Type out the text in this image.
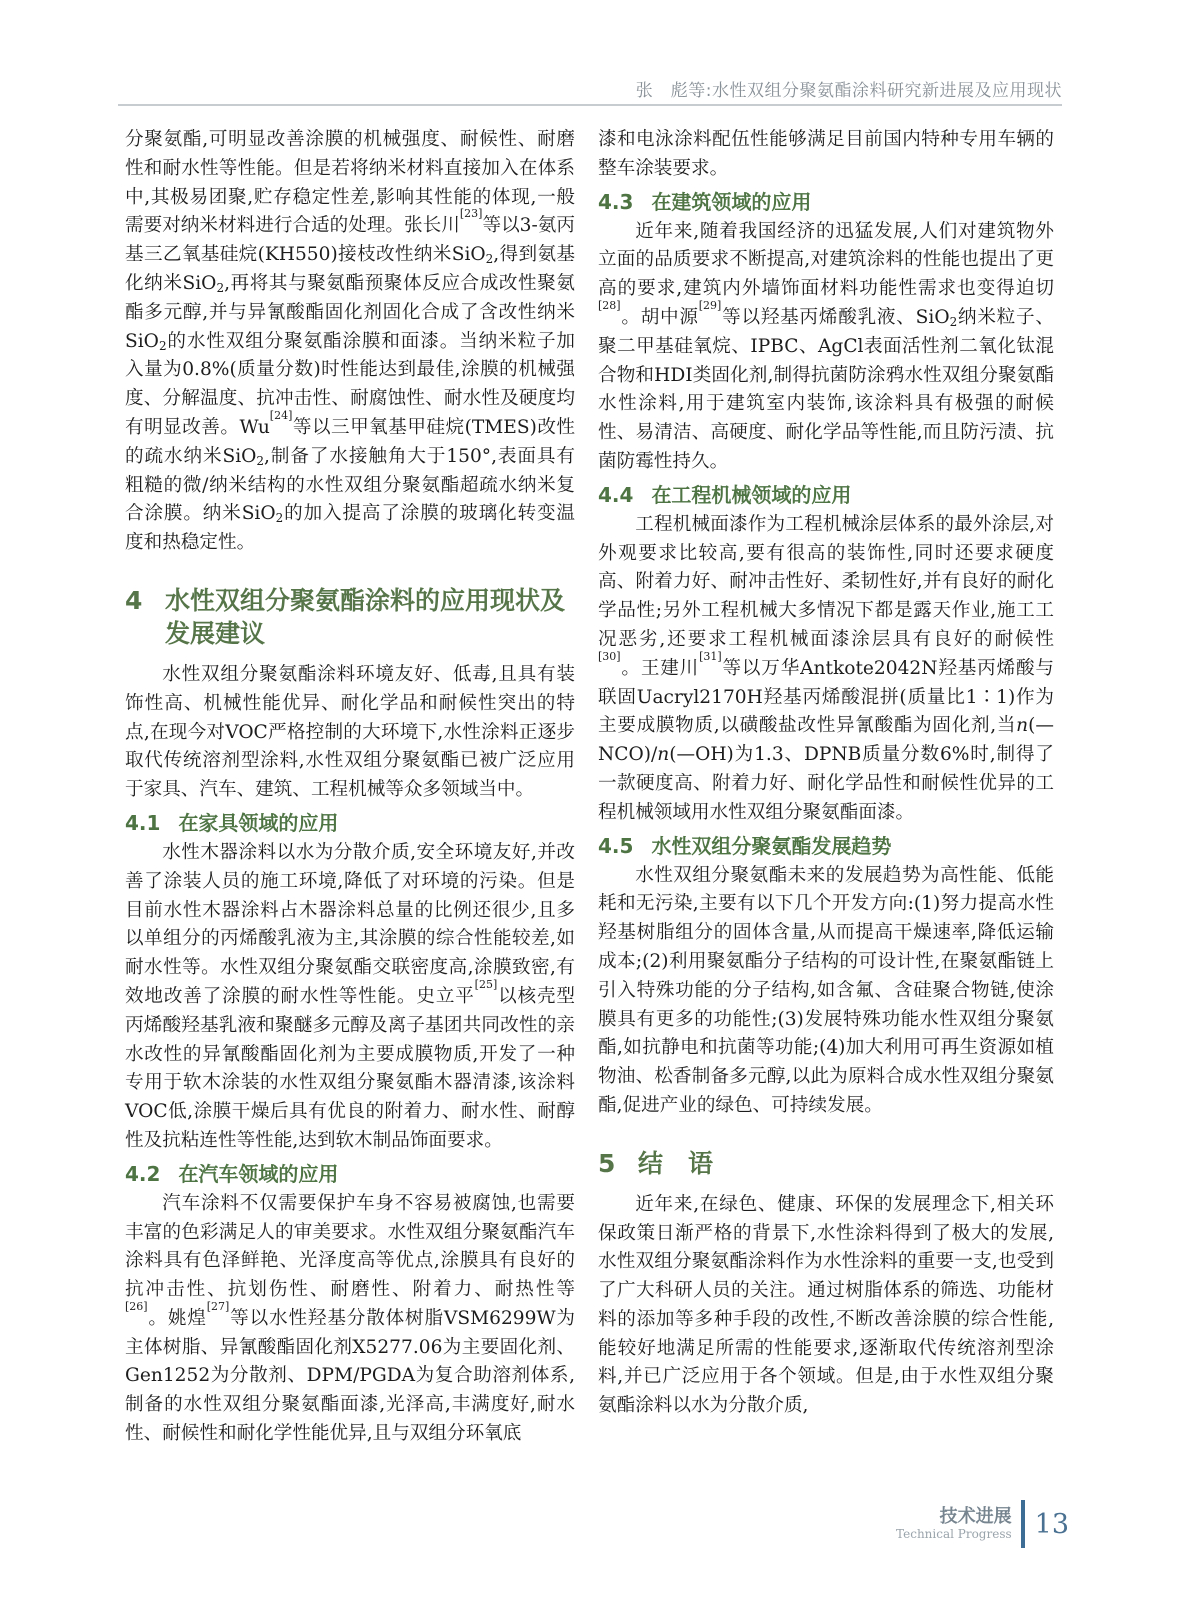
张　彪等:水性双组分聚氨酯涂料研究新进展及应用现状

分聚氨酯,可明显改善涂膜的机械强度、耐候性、耐磨性和耐水性等性能。但是若将纳米材料直接加入在体系中,其极易团聚,贮存稳定性差,影响其性能的体现,一般需要对纳米材料进行合适的处理。张长川[23]等以3-氨丙基三乙氧基硅烷(KH550)接枝改性纳米SiO$_2$,得到氨基化纳米SiO$_2$,再将其与聚氨酯预聚体反应合成改性聚氨酯多元醇,并与异氰酸酯固化剂固化合成了含改性纳米SiO$_2$的水性双组分聚氨酯涂膜和面漆。当纳米粒子加入量为0.8%(质量分数)时性能达到最佳,涂膜的机械强度、分解温度、抗冲击性、耐腐蚀性、耐水性及硬度均有明显改善。Wu[24]等以三甲氧基甲硅烷(TMES)改性的疏水纳米SiO$_2$,制备了水接触角大于150°,表面具有粗糙的微/纳米结构的水性双组分聚氨酯超疏水纳米复合涂膜。纳米SiO$_2$的加入提高了涂膜的玻璃化转变温度和热稳定性。

4 水性双组分聚氨酯涂料的应用现状及发展建议

水性双组分聚氨酯涂料环境友好、低毒,且具有装饰性高、机械性能优异、耐化学品和耐候性突出的特点,在现今对VOC严格控制的大环境下,水性涂料正逐步取代传统溶剂型涂料,水性双组分聚氨酯已被广泛应用于家具、汽车、建筑、工程机械等众多领域当中。

4.1 在家具领域的应用

水性木器涂料以水为分散介质,安全环境友好,并改善了涂装人员的施工环境,降低了对环境的污染。但是目前水性木器涂料占木器涂料总量的比例还很少,且多以单组分的丙烯酸乳液为主,其涂膜的综合性能较差,如耐水性等。水性双组分聚氨酯交联密度高,涂膜致密,有效地改善了涂膜的耐水性等性能。史立平[25]以核壳型丙烯酸羟基乳液和聚醚多元醇及离子基团共同改性的亲水改性的异氰酸酯固化剂为主要成膜物质,开发了一种专用于软木涂装的水性双组分聚氨酯木器清漆,该涂料VOC低,涂膜干燥后具有优良的附着力、耐水性、耐醇性及抗粘连性等性能,达到软木制品饰面要求。

4.2 在汽车领域的应用

汽车涂料不仅需要保护车身不容易被腐蚀,也需要丰富的色彩满足人的审美要求。水性双组分聚氨酯汽车涂料具有色泽鲜艳、光泽度高等优点,涂膜具有良好的抗冲击性、抗划伤性、耐磨性、附着力、耐热性等[26]。姚煌[27]等以水性羟基分散体树脂VSM6299W为主体树脂、异氰酸酯固化剂X5277.06为主要固化剂、Gen1252为分散剂、DPM/PGDA为复合助溶剂体系,制备的水性双组分聚氨酯面漆,光泽高,丰满度好,耐水性、耐候性和耐化学性能优异,且与双组分环氧底

漆和电泳涂料配伍性能够满足目前国内特种专用车辆的整车涂装要求。

4.3 在建筑领域的应用

近年来,随着我国经济的迅猛发展,人们对建筑物外立面的品质要求不断提高,对建筑涂料的性能也提出了更高的要求,建筑内外墙饰面材料功能性需求也变得迫切[28]。胡中源[29]等以羟基丙烯酸乳液、SiO$_2$纳米粒子、聚二甲基硅氧烷、IPBC、AgCl表面活性剂二氧化钛混合物和HDI类固化剂,制得抗菌防涂鸦水性双组分聚氨酯水性涂料,用于建筑室内装饰,该涂料具有极强的耐候性、易清洁、高硬度、耐化学品等性能,而且防污渍、抗菌防霉性持久。

4.4 在工程机械领域的应用

工程机械面漆作为工程机械涂层体系的最外涂层,对外观要求比较高,要有很高的装饰性,同时还要求硬度高、附着力好、耐冲击性好、柔韧性好,并有良好的耐化学品性;另外工程机械大多情况下都是露天作业,施工工况恶劣,还要求工程机械面漆涂层具有良好的耐候性[30]。王建川[31]等以万华Antkote2042N羟基丙烯酸与联固Uacryl2170H羟基丙烯酸混拼(质量比1∶1)作为主要成膜物质,以磺酸盐改性异氰酸酯为固化剂,当n(—NCO)/n(—OH)为1.3、DPNB质量分数6%时,制得了一款硬度高、附着力好、耐化学品性和耐候性优异的工程机械领域用水性双组分聚氨酯面漆。

4.5 水性双组分聚氨酯发展趋势

水性双组分聚氨酯未来的发展趋势为高性能、低能耗和无污染,主要有以下几个开发方向:(1)努力提高水性羟基树脂组分的固体含量,从而提高干燥速率,降低运输成本;(2)利用聚氨酯分子结构的可设计性,在聚氨酯链上引入特殊功能的分子结构,如含氟、含硅聚合物链,使涂膜具有更多的功能性;(3)发展特殊功能水性双组分聚氨酯,如抗静电和抗菌等功能;(4)加大利用可再生资源如植物油、松香制备多元醇,以此为原料合成水性双组分聚氨酯,促进产业的绿色、可持续发展。

5 结　语

近年来,在绿色、健康、环保的发展理念下,相关环保政策日渐严格的背景下,水性涂料得到了极大的发展,水性双组分聚氨酯涂料作为水性涂料的重要一支,也受到了广大科研人员的关注。通过树脂体系的筛选、功能材料的添加等多种手段的改性,不断改善涂膜的综合性能,能较好地满足所需的性能要求,逐渐取代传统溶剂型涂料,并已广泛应用于各个领域。但是,由于水性双组分聚氨酯涂料以水为分散介质,

技术进展
Technical Progress 13
